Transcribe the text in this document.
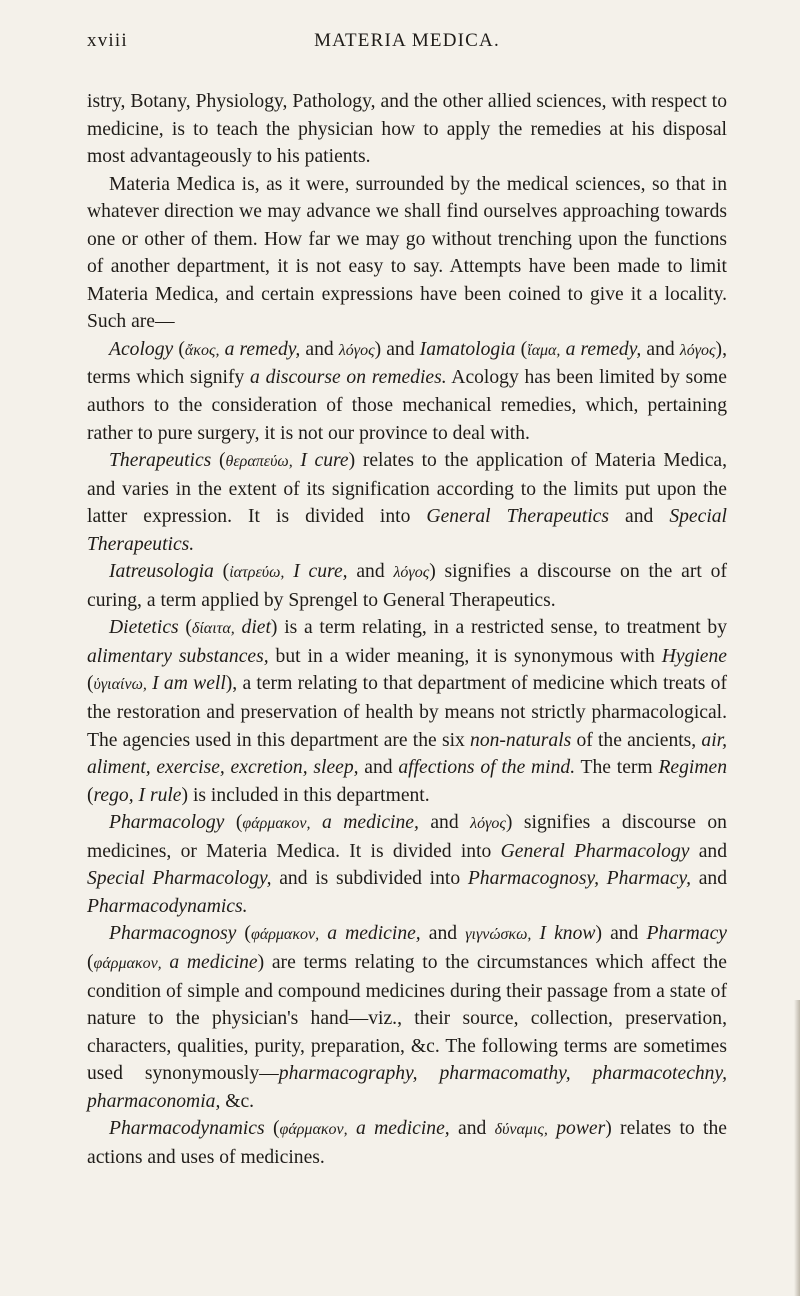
xviii	MATERIA MEDICA.

istry, Botany, Physiology, Pathology, and the other allied sciences, with respect to medicine, is to teach the physician how to apply the remedies at his disposal most advantageously to his patients.

Materia Medica is, as it were, surrounded by the medical sciences, so that in whatever direction we may advance we shall find ourselves approaching towards one or other of them. How far we may go without trenching upon the functions of another department, it is not easy to say. Attempts have been made to limit Materia Medica, and certain expressions have been coined to give it a locality. Such are—

Acology (ἄκος, a remedy, and λόγος) and Iamatologia (ἴαμα, a remedy, and λόγος), terms which signify a discourse on remedies. Acology has been limited by some authors to the consideration of those mechanical remedies, which, pertaining rather to pure surgery, it is not our province to deal with.

Therapeutics (θεραπεύω, I cure) relates to the application of Materia Medica, and varies in the extent of its signification according to the limits put upon the latter expression. It is divided into General Therapeutics and Special Therapeutics.

Iatreusologia (ἰατρεύω, I cure, and λόγος) signifies a discourse on the art of curing, a term applied by Sprengel to General Therapeutics.

Dietetics (δίαιτα, diet) is a term relating, in a restricted sense, to treatment by alimentary substances, but in a wider meaning, it is synonymous with Hygiene (ὑγιαίνω, I am well), a term relating to that department of medicine which treats of the restoration and preservation of health by means not strictly pharmacological. The agencies used in this department are the six non-naturals of the ancients, air, aliment, exercise, excretion, sleep, and affections of the mind. The term Regimen (rego, I rule) is included in this department.

Pharmacology (φάρμακον, a medicine, and λόγος) signifies a discourse on medicines, or Materia Medica. It is divided into General Pharmacology and Special Pharmacology, and is subdivided into Pharmacognosy, Pharmacy, and Pharmacodynamics.

Pharmacognosy (φάρμακον, a medicine, and γιγνώσκω, I know) and Pharmacy (φάρμακον, a medicine) are terms relating to the circumstances which affect the condition of simple and compound medicines during their passage from a state of nature to the physician's hand—viz., their source, collection, preservation, characters, qualities, purity, preparation, &c. The following terms are sometimes used synonymously—pharmacography, pharmacomathy, pharmacotechny, pharmaconomia, &c.

Pharmacodynamics (φάρμακον, a medicine, and δύναμις, power) relates to the actions and uses of medicines.
